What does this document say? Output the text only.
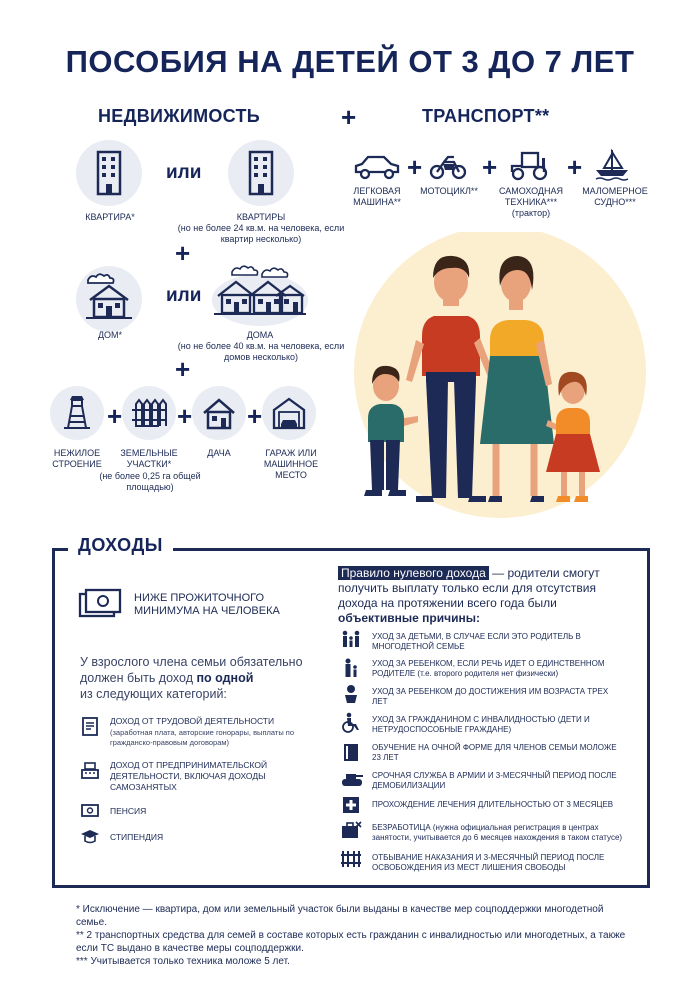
ПОСОБИЯ НА ДЕТЕЙ ОТ 3 ДО 7 ЛЕТ
НЕДВИЖИМОСТЬ	+	ТРАНСПОРТ**
КВАРТИРА*
или
КВАРТИРЫ
(но не более 24 кв.м. на человека, если квартир несколько)
+
ДОМ*
или
ДОМА
(но не более 40 кв.м. на человека, если домов несколько)
+
НЕЖИЛОЕ СТРОЕНИЕ
+
ЗЕМЕЛЬНЫЕ УЧАСТКИ*
(не более 0,25 га общей площадью)
+
ДАЧА
+
ГАРАЖ ИЛИ МАШИННОЕ МЕСТО
ЛЕГКОВАЯ МАШИНА**
+
МОТОЦИКЛ**
+
САМОХОДНАЯ ТЕХНИКА***
(трактор)
+
МАЛОМЕРНОЕ СУДНО***
ДОХОДЫ
НИЖЕ ПРОЖИТОЧНОГО МИНИМУМА НА ЧЕЛОВЕКА
У взрослого члена семьи обязательно должен быть доход по одной
из следующих категорий:
ДОХОД ОТ ТРУДОВОЙ ДЕЯТЕЛЬНОСТИ
(заработная плата, авторские гонорары, выплаты по гражданско-правовым договорам)
ДОХОД ОТ ПРЕДПРИНИМАТЕЛЬСКОЙ ДЕЯТЕЛЬНОСТИ, ВКЛЮЧАЯ ДОХОДЫ САМОЗАНЯТЫХ
ПЕНСИЯ
СТИПЕНДИЯ
Правило нулевого дохода — родители смогут получить выплату только если для отсутствия дохода на протяжении всего года были объективные причины:
УХОД ЗА ДЕТЬМИ, В СЛУЧАЕ ЕСЛИ ЭТО РОДИТЕЛЬ В МНОГОДЕТНОЙ СЕМЬЕ
УХОД ЗА РЕБЕНКОМ, ЕСЛИ РЕЧЬ ИДЕТ О ЕДИНСТВЕННОМ РОДИТЕЛЕ (т.е. второго родителя нет физически)
УХОД ЗА РЕБЕНКОМ ДО ДОСТИЖЕНИЯ ИМ ВОЗРАСТА ТРЕХ ЛЕТ
УХОД ЗА ГРАЖДАНИНОМ С ИНВАЛИДНОСТЬЮ (ДЕТИ И НЕТРУДОСПОСОБНЫЕ ГРАЖДАНЕ)
ОБУЧЕНИЕ НА ОЧНОЙ ФОРМЕ ДЛЯ ЧЛЕНОВ СЕМЬИ МОЛОЖЕ 23 ЛЕТ
СРОЧНАЯ СЛУЖБА В АРМИИ И 3-МЕСЯЧНЫЙ ПЕРИОД ПОСЛЕ ДЕМОБИЛИЗАЦИИ
ПРОХОЖДЕНИЕ ЛЕЧЕНИЯ ДЛИТЕЛЬНОСТЬЮ ОТ 3 МЕСЯЦЕВ
БЕЗРАБОТИЦА (нужна официальная регистрация в центрах занятости, учитывается до 6 месяцев нахождения в таком статусе)
ОТБЫВАНИЕ НАКАЗАНИЯ И 3-МЕСЯЧНЫЙ ПЕРИОД ПОСЛЕ ОСВОБОЖДЕНИЯ ИЗ МЕСТ ЛИШЕНИЯ СВОБОДЫ
* Исключение — квартира, дом или земельный участок были выданы в качестве мер соцподдержки многодетной семье.
** 2 транспортных средства для семей в составе которых есть гражданин с инвалидностью или многодетных, а также если ТС выдано в качестве меры соцподдержки.
*** Учитывается только техника моложе 5 лет.
